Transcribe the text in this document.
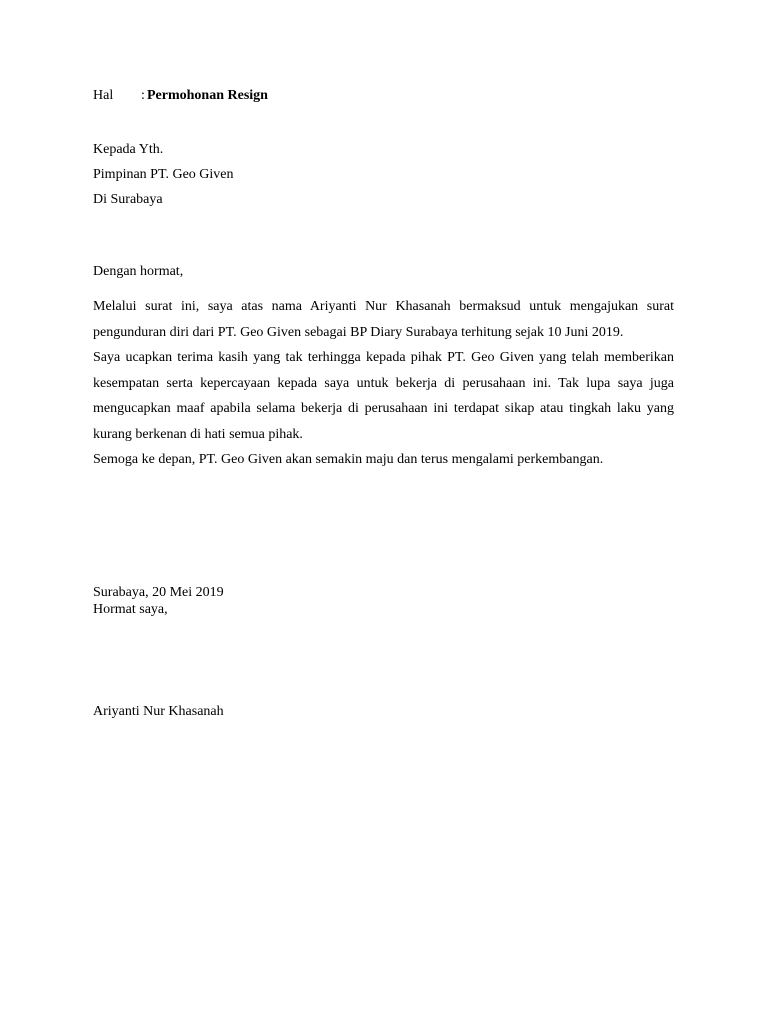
Hal : Permohonan Resign
Kepada Yth.
Pimpinan PT. Geo Given
Di Surabaya
Dengan hormat,

Melalui surat ini, saya atas nama Ariyanti Nur Khasanah bermaksud untuk mengajukan surat pengunduran diri dari PT. Geo Given sebagai BP Diary Surabaya terhitung sejak 10 Juni 2019.

Saya ucapkan terima kasih yang tak terhingga kepada pihak PT. Geo Given yang telah memberikan kesempatan serta kepercayaan kepada saya untuk bekerja di perusahaan ini. Tak lupa saya juga mengucapkan maaf apabila selama bekerja di perusahaan ini terdapat sikap atau tingkah laku yang kurang berkenan di hati semua pihak.

Semoga ke depan, PT. Geo Given akan semakin maju dan terus mengalami perkembangan.

Surabaya, 20 Mei 2019
Hormat saya,
Ariyanti Nur Khasanah
